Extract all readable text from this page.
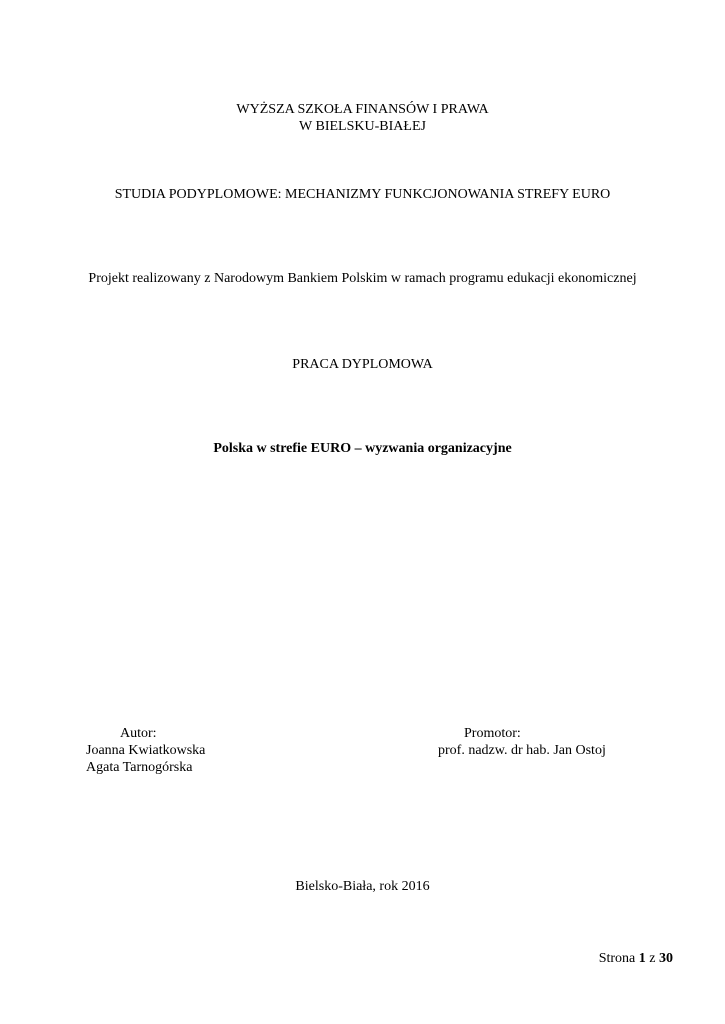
WYŻSZA SZKOŁA FINANSÓW I PRAWA
W BIELSKU-BIAŁEJ
STUDIA PODYPLOMOWE: MECHANIZMY FUNKCJONOWANIA STREFY EURO
Projekt realizowany z Narodowym Bankiem Polskim w ramach programu edukacji ekonomicznej
PRACA DYPLOMOWA
Polska w strefie EURO – wyzwania organizacyjne
Autor:
Joanna Kwiatkowska
Agata Tarnogórska
Promotor:
prof. nadzw. dr hab. Jan Ostoj
Bielsko-Biała, rok 2016
Strona 1 z 30
